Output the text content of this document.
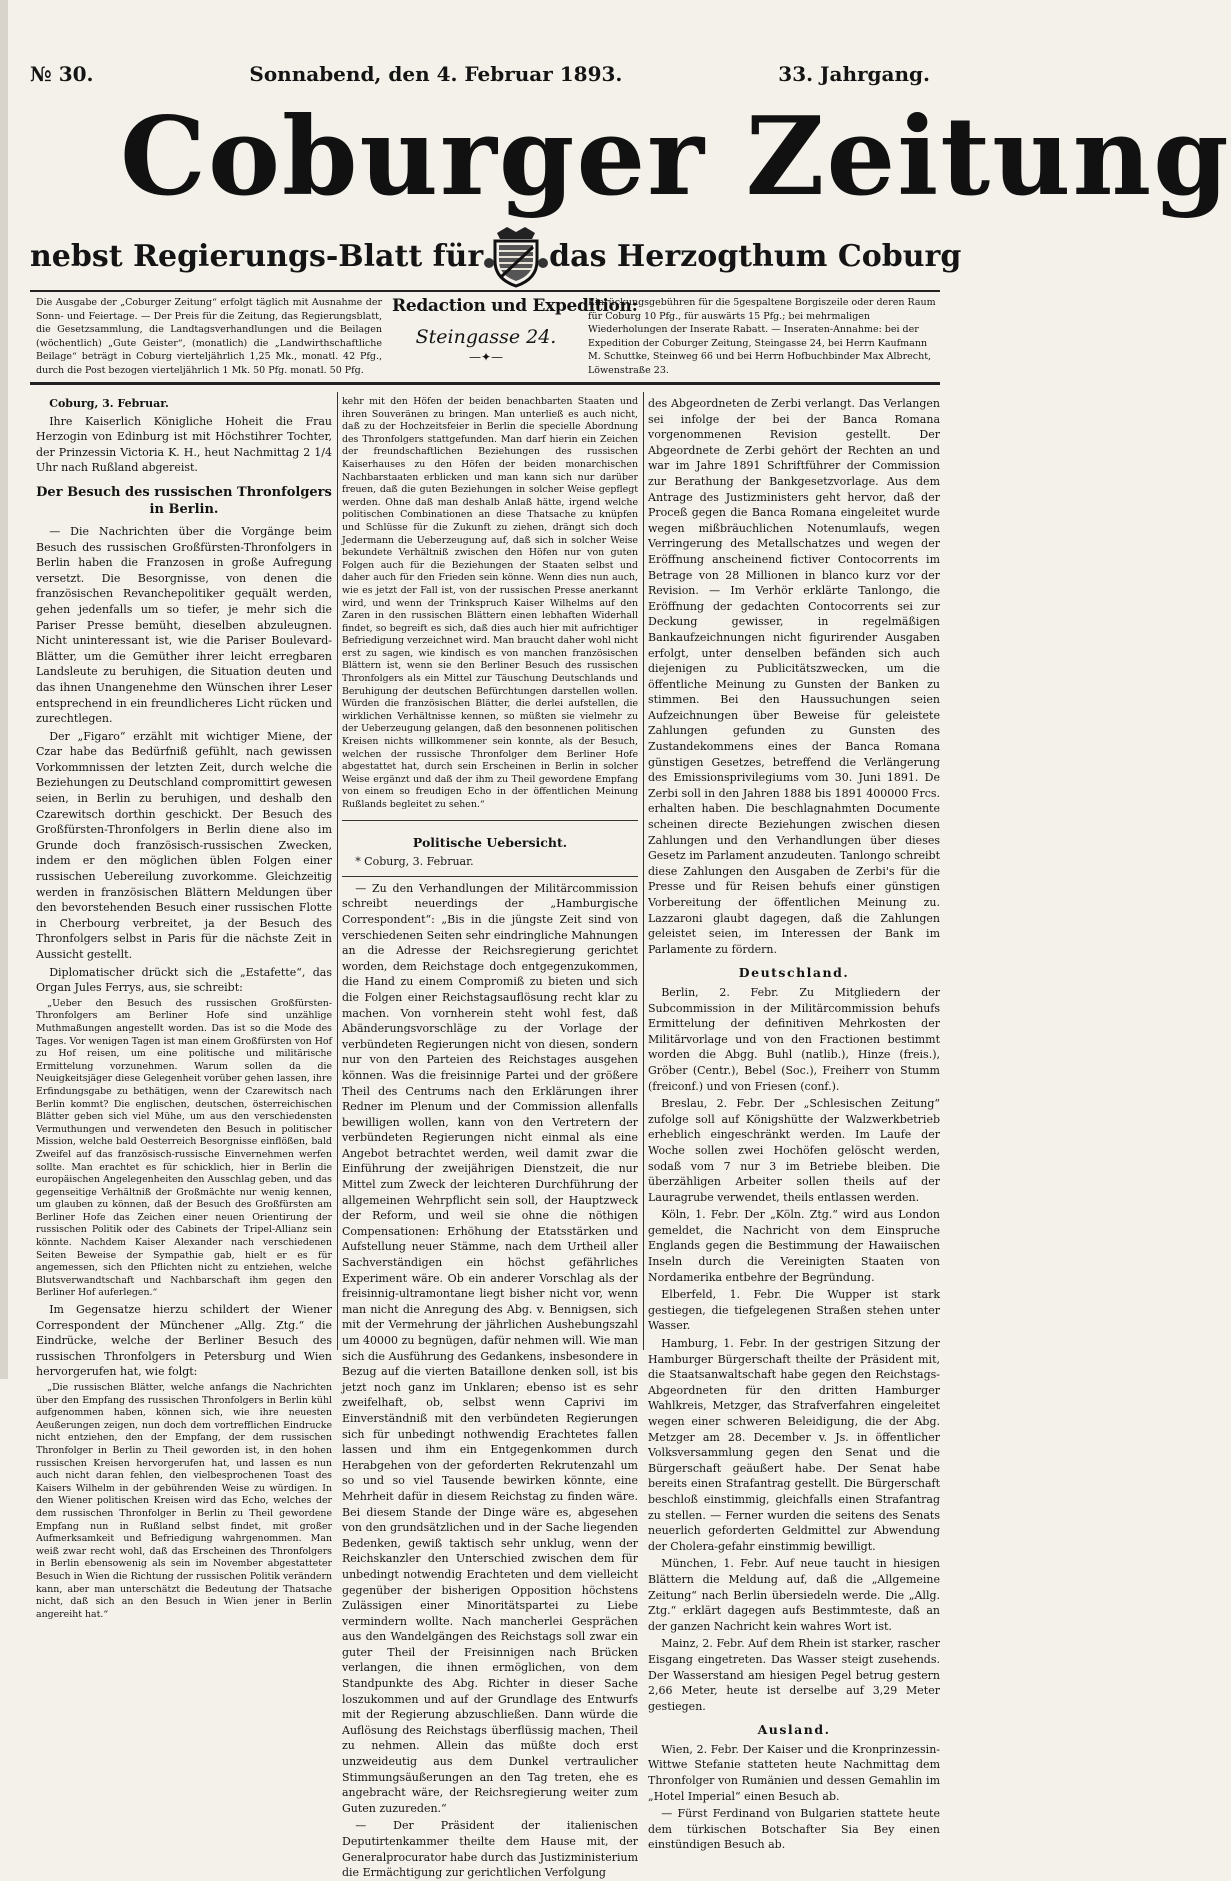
№ 30.	Sonnabend, den 4. Februar 1893.	33. Jahrgang.
Coburger Zeitung
nebst Regierungs-Blatt für das Herzogthum Coburg

Die Ausgabe der „Coburger Zeitung“ erfolgt täglich mit Ausnahme der Sonn- und Feiertage. — Der Preis für die Zeitung, das Regierungsblatt, die Gesetzsammlung, die Landtagsverhandlungen und die Beilagen (wöchentlich) „Gute Geister“, (monatlich) die „Landwirthschaftliche Beilage“ beträgt in Coburg vierteljährlich 1,25 Mk., monatl. 42 Pfg., durch die Post bezogen vierteljährlich 1 Mk. 50 Pfg. monatl. 50 Pfg.

Redaction und Expedition:
Steingasse 24.
—✦—

Einrückungsgebühren für die 5gespaltene Borgiszeile oder deren Raum für Coburg 10 Pfg., für auswärts 15 Pfg.; bei mehrmaligen Wiederholungen der Inserate Rabatt. — Inseraten-Annahme: bei der Expedition der Coburger Zeitung, Steingasse 24, bei Herrn Kaufmann M. Schuttke, Steinweg 66 und bei Herrn Hofbuchbinder Max Albrecht, Löwenstraße 23.

Coburg, 3. Februar.

Ihre Kaiserlich Königliche Hoheit die Frau Herzogin von Edinburg ist mit Höchstihrer Tochter, der Prinzessin Victoria K. H., heut Nachmittag 2 1/4 Uhr nach Rußland abgereist.

Der Besuch des russischen Thronfolgers in Berlin.

— Die Nachrichten über die Vorgänge beim Besuch des russischen Großfürsten-Thronfolgers in Berlin haben die Franzosen in große Aufregung versetzt. Die Besorgnisse, von denen die französischen Revanchepolitiker gequält werden, gehen jedenfalls um so tiefer, je mehr sich die Pariser Presse bemüht, dieselben abzuleugnen. Nicht uninteressant ist, wie die Pariser Boulevard-Blätter, um die Gemüther ihrer leicht erregbaren Landsleute zu beruhigen, die Situation deuten und das ihnen Unangenehme den Wünschen ihrer Leser entsprechend in ein freundlicheres Licht rücken und zurechtlegen.

Der „Figaro“ erzählt mit wichtiger Miene, der Czar habe das Bedürfniß gefühlt, nach gewissen Vorkommnissen der letzten Zeit, durch welche die Beziehungen zu Deutschland compromittirt gewesen seien, in Berlin zu beruhigen, und deshalb den Czarewitsch dorthin geschickt. Der Besuch des Großfürsten-Thronfolgers in Berlin diene also im Grunde doch französisch-russischen Zwecken, indem er den möglichen üblen Folgen einer russischen Uebereilung zuvorkomme. Gleichzeitig werden in französischen Blättern Meldungen über den bevorstehenden Besuch einer russischen Flotte in Cherbourg verbreitet, ja der Besuch des Thronfolgers selbst in Paris für die nächste Zeit in Aussicht gestellt.

Diplomatischer drückt sich die „Estafette“, das Organ Jules Ferrys, aus, sie schreibt:

„Ueber den Besuch des russischen Großfürsten-Thronfolgers am Berliner Hofe sind unzählige Muthmaßungen angestellt worden. Das ist so die Mode des Tages. Vor wenigen Tagen ist man einem Großfürsten von Hof zu Hof reisen, um eine politische und militärische Ermittelung vorzunehmen. Warum sollen da die Neuigkeitsjäger diese Gelegenheit vorüber gehen lassen, ihre Erfindungsgabe zu bethätigen, wenn der Czarewitsch nach Berlin kommt? Die englischen, deutschen, österreichischen Blätter geben sich viel Mühe, um aus den verschiedensten Vermuthungen und verwendeten den Besuch in politischer Mission, welche bald Oesterreich Besorgnisse einflößen, bald Zweifel auf das französisch-russische Einvernehmen werfen sollte. Man erachtet es für schicklich, hier in Berlin die europäischen Angelegenheiten den Ausschlag geben, und das gegenseitige Verhältniß der Großmächte nur wenig kennen, um glauben zu können, daß der Besuch des Großfürsten am Berliner Hofe das Zeichen einer neuen Orientirung der russischen Politik oder des Cabinets der Tripel-Allianz sein könnte. Nachdem Kaiser Alexander nach verschiedenen Seiten Beweise der Sympathie gab, hielt er es für angemessen, sich den Pflichten nicht zu entziehen, welche Blutsverwandtschaft und Nachbarschaft ihm gegen den Berliner Hof auferlegen.“

Im Gegensatze hierzu schildert der Wiener Correspondent der Münchener „Allg. Ztg.“ die Eindrücke, welche der Berliner Besuch des russischen Thronfolgers in Petersburg und Wien hervorgerufen hat, wie folgt:

„Die russischen Blätter, welche anfangs die Nachrichten über den Empfang des russischen Thronfolgers in Berlin kühl aufgenommen haben, können sich, wie ihre neuesten Aeußerungen zeigen, nun doch dem vortrefflichen Eindrucke nicht entziehen, den der Empfang, der dem russischen Thronfolger in Berlin zu Theil geworden ist, in den hohen russischen Kreisen hervorgerufen hat, und lassen es nun auch nicht daran fehlen, den vielbesprochenen Toast des Kaisers Wilhelm in der gebührenden Weise zu würdigen. In den Wiener politischen Kreisen wird das Echo, welches der dem russischen Thronfolger in Berlin zu Theil gewordene Empfang nun in Rußland selbst findet, mit großer Aufmerksamkeit und Befriedigung wahrgenommen. Man weiß zwar recht wohl, daß das Erscheinen des Thronfolgers in Berlin ebensowenig als sein im November abgestatteter Besuch in Wien die Richtung der russischen Politik verändern kann, aber man unterschätzt die Bedeutung der Thatsache nicht, daß sich an den Besuch in Wien jener in Berlin angereiht hat.“

kehr mit den Höfen der beiden benachbarten Staaten und ihren Souveränen zu bringen. Man unterließ es auch nicht, daß zu der Hochzeitsfeier in Berlin die specielle Abordnung des Thronfolgers stattgefunden. Man darf hierin ein Zeichen der freundschaftlichen Beziehungen des russischen Kaiserhauses zu den Höfen der beiden monarchischen Nachbarstaaten erblicken und man kann sich nur darüber freuen, daß die guten Beziehungen in solcher Weise gepflegt werden. Ohne daß man deshalb Anlaß hätte, irgend welche politischen Combinationen an diese Thatsache zu knüpfen und Schlüsse für die Zukunft zu ziehen, drängt sich doch Jedermann die Ueberzeugung auf, daß sich in solcher Weise bekundete Verhältniß zwischen den Höfen nur von guten Folgen auch für die Beziehungen der Staaten selbst und daher auch für den Frieden sein könne. Wenn dies nun auch, wie es jetzt der Fall ist, von der russischen Presse anerkannt wird, und wenn der Trinkspruch Kaiser Wilhelms auf den Zaren in den russischen Blättern einen lebhaften Widerhall findet, so begreift es sich, daß dies auch hier mit aufrichtiger Befriedigung verzeichnet wird. Man braucht daher wohl nicht erst zu sagen, wie kindisch es von manchen französischen Blättern ist, wenn sie den Berliner Besuch des russischen Thronfolgers als ein Mittel zur Täuschung Deutschlands und Beruhigung der deutschen Befürchtungen darstellen wollen. Würden die französischen Blätter, die derlei aufstellen, die wirklichen Verhältnisse kennen, so müßten sie vielmehr zu der Ueberzeugung gelangen, daß den besonnenen politischen Kreisen nichts willkommener sein konnte, als der Besuch, welchen der russische Thronfolger dem Berliner Hofe abgestattet hat, durch sein Erscheinen in Berlin in solcher Weise ergänzt und daß der ihm zu Theil gewordene Empfang von einem so freudigen Echo in der öffentlichen Meinung Rußlands begleitet zu sehen.“

Politische Uebersicht.

* Coburg, 3. Februar.

— Zu den Verhandlungen der Militärcommission schreibt neuerdings der „Hamburgische Correspondent“: „Bis in die jüngste Zeit sind von verschiedenen Seiten sehr eindringliche Mahnungen an die Adresse der Reichsregierung gerichtet worden, dem Reichstage doch entgegenzukommen, die Hand zu einem Compromiß zu bieten und sich die Folgen einer Reichstagsauflösung recht klar zu machen. Von vornherein steht wohl fest, daß Abänderungsvorschläge zu der Vorlage der verbündeten Regierungen nicht von diesen, sondern nur von den Parteien des Reichstages ausgehen können. Was die freisinnige Partei und der größere Theil des Centrums nach den Erklärungen ihrer Redner im Plenum und der Commission allenfalls bewilligen wollen, kann von den Vertretern der verbündeten Regierungen nicht einmal als eine Angebot betrachtet werden, weil damit zwar die Einführung der zweijährigen Dienstzeit, die nur Mittel zum Zweck der leichteren Durchführung der allgemeinen Wehrpflicht sein soll, der Hauptzweck der Reform, und weil sie ohne die nöthigen Compensationen: Erhöhung der Etatsstärken und Aufstellung neuer Stämme, nach dem Urtheil aller Sachverständigen ein höchst gefährliches Experiment wäre. Ob ein anderer Vorschlag als der freisinnig-ultramontane liegt bisher nicht vor, wenn man nicht die Anregung des Abg. v. Bennigsen, sich mit der Vermehrung der jährlichen Aushebungszahl um 40000 zu begnügen, dafür nehmen will. Wie man sich die Ausführung des Gedankens, insbesondere in Bezug auf die vierten Bataillone denken soll, ist bis jetzt noch ganz im Unklaren; ebenso ist es sehr zweifelhaft, ob, selbst wenn Caprivi im Einverständniß mit den verbündeten Regierungen sich für unbedingt nothwendig Erachtetes fallen lassen und ihm ein Entgegenkommen durch Herabgehen von der geforderten Rekrutenzahl um so und so viel Tausende bewirken könnte, eine Mehrheit dafür in diesem Reichstag zu finden wäre. Bei diesem Stande der Dinge wäre es, abgesehen von den grundsätzlichen und in der Sache liegenden Bedenken, gewiß taktisch sehr unklug, wenn der Reichskanzler den Unterschied zwischen dem für unbedingt notwendig Erachteten und dem vielleicht gegenüber der bisherigen Opposition höchstens Zulässigen einer Minoritätspartei zu Liebe vermindern wollte. Nach mancherlei Gesprächen aus den Wandelgängen des Reichstags soll zwar ein guter Theil der Freisinnigen nach Brücken verlangen, die ihnen ermöglichen, von dem Standpunkte des Abg. Richter in dieser Sache loszukommen und auf der Grundlage des Entwurfs mit der Regierung abzuschließen. Dann würde die Auflösung des Reichstags überflüssig machen, Theil zu nehmen. Allein das müßte doch erst unzweideutig aus dem Dunkel vertraulicher Stimmungsäußerungen an den Tag treten, ehe es angebracht wäre, der Reichsregierung weiter zum Guten zuzureden.“

— Der Präsident der italienischen Deputirtenkammer theilte dem Hause mit, der Generalprocurator habe durch das Justizministerium die Ermächtigung zur gerichtlichen Verfolgung

des Abgeordneten de Zerbi verlangt. Das Verlangen sei infolge der bei der Banca Romana vorgenommenen Revision gestellt. Der Abgeordnete de Zerbi gehört der Rechten an und war im Jahre 1891 Schriftführer der Commission zur Berathung der Bankgesetzvorlage. Aus dem Antrage des Justizministers geht hervor, daß der Proceß gegen die Banca Romana eingeleitet wurde wegen mißbräuchlichen Notenumlaufs, wegen Verringerung des Metallschatzes und wegen der Eröffnung anscheinend fictiver Contocorrents im Betrage von 28 Millionen in blanco kurz vor der Revision. — Im Verhör erklärte Tanlongo, die Eröffnung der gedachten Contocorrents sei zur Deckung gewisser, in regelmäßigen Bankaufzeichnungen nicht figurirender Ausgaben erfolgt, unter denselben befänden sich auch diejenigen zu Publicitätszwecken, um die öffentliche Meinung zu Gunsten der Banken zu stimmen. Bei den Haussuchungen seien Aufzeichnungen über Beweise für geleistete Zahlungen gefunden zu Gunsten des Zustandekommens eines der Banca Romana günstigen Gesetzes, betreffend die Verlängerung des Emissionsprivilegiums vom 30. Juni 1891. De Zerbi soll in den Jahren 1888 bis 1891 400000 Frcs. erhalten haben. Die beschlagnahmten Documente scheinen directe Beziehungen zwischen diesen Zahlungen und den Verhandlungen über dieses Gesetz im Parlament anzudeuten. Tanlongo schreibt diese Zahlungen den Ausgaben de Zerbi's für die Presse und für Reisen behufs einer günstigen Vorbereitung der öffentlichen Meinung zu. Lazzaroni glaubt dagegen, daß die Zahlungen geleistet seien, im Interessen der Bank im Parlamente zu fördern.

Deutschland.

Berlin, 2. Febr. Zu Mitgliedern der Subcommission in der Militärcommission behufs Ermittelung der definitiven Mehrkosten der Militärvorlage und von den Fractionen bestimmt worden die Abgg. Buhl (natlib.), Hinze (freis.), Gröber (Centr.), Bebel (Soc.), Freiherr von Stumm (freiconf.) und von Friesen (conf.).

Breslau, 2. Febr. Der „Schlesischen Zeitung“ zufolge soll auf Königshütte der Walzwerkbetrieb erheblich eingeschränkt werden. Im Laufe der Woche sollen zwei Hochöfen gelöscht werden, sodaß vom 7 nur 3 im Betriebe bleiben. Die überzähligen Arbeiter sollen theils auf der Lauragrube verwendet, theils entlassen werden.

Köln, 1. Febr. Der „Köln. Ztg.“ wird aus London gemeldet, die Nachricht von dem Einspruche Englands gegen die Bestimmung der Hawaiischen Inseln durch die Vereinigten Staaten von Nordamerika entbehre der Begründung.

Elberfeld, 1. Febr. Die Wupper ist stark gestiegen, die tiefgelegenen Straßen stehen unter Wasser.

Hamburg, 1. Febr. In der gestrigen Sitzung der Hamburger Bürgerschaft theilte der Präsident mit, die Staatsanwaltschaft habe gegen den Reichstags-Abgeordneten für den dritten Hamburger Wahlkreis, Metzger, das Strafverfahren eingeleitet wegen einer schweren Beleidigung, die der Abg. Metzger am 28. December v. Js. in öffentlicher Volksversammlung gegen den Senat und die Bürgerschaft geäußert habe. Der Senat habe bereits einen Strafantrag gestellt. Die Bürgerschaft beschloß einstimmig, gleichfalls einen Strafantrag zu stellen. — Ferner wurden die seitens des Senats neuerlich geforderten Geldmittel zur Abwendung der Cholera-gefahr einstimmig bewilligt.

München, 1. Febr. Auf neue taucht in hiesigen Blättern die Meldung auf, daß die „Allgemeine Zeitung“ nach Berlin übersiedeln werde. Die „Allg. Ztg.“ erklärt dagegen aufs Bestimmteste, daß an der ganzen Nachricht kein wahres Wort ist.

Mainz, 2. Febr. Auf dem Rhein ist starker, rascher Eisgang eingetreten. Das Wasser steigt zusehends. Der Wasserstand am hiesigen Pegel betrug gestern 2,66 Meter, heute ist derselbe auf 3,29 Meter gestiegen.

Ausland.

Wien, 2. Febr. Der Kaiser und die Kronprinzessin-Wittwe Stefanie statteten heute Nachmittag dem Thronfolger von Rumänien und dessen Gemahlin im „Hotel Imperial“ einen Besuch ab.

— Fürst Ferdinand von Bulgarien stattete heute dem türkischen Botschafter Sia Bey einen einstündigen Besuch ab.
